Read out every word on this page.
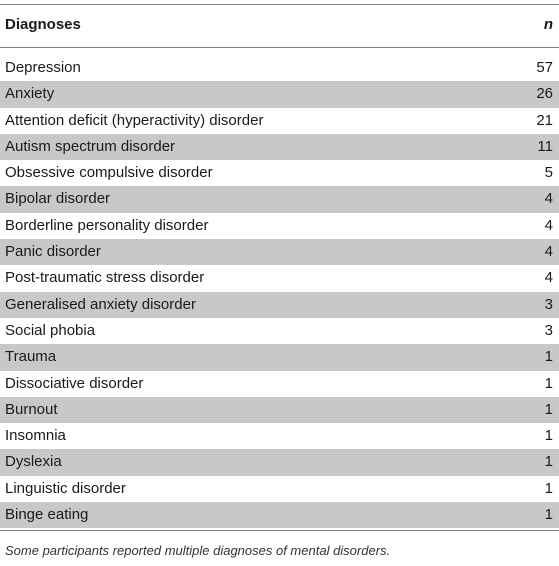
Diagnoses	n
Depression	57
Anxiety	26
Attention deficit (hyperactivity) disorder	21
Autism spectrum disorder	11
Obsessive compulsive disorder	5
Bipolar disorder	4
Borderline personality disorder	4
Panic disorder	4
Post-traumatic stress disorder	4
Generalised anxiety disorder	3
Social phobia	3
Trauma	1
Dissociative disorder	1
Burnout	1
Insomnia	1
Dyslexia	1
Linguistic disorder	1
Binge eating	1
Some participants reported multiple diagnoses of mental disorders.
